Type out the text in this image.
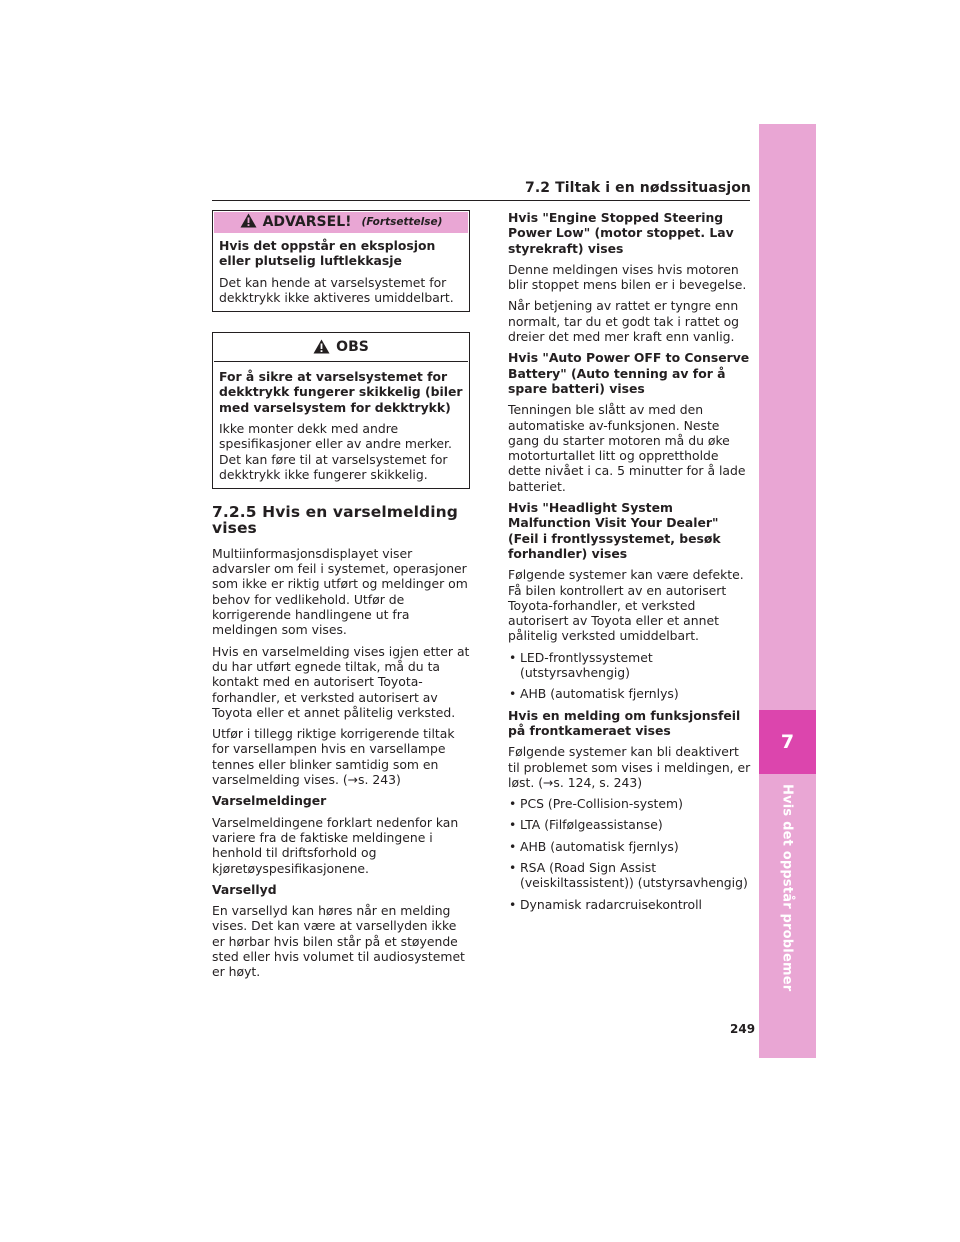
7.2 Tiltak i en nødssituasjon
7
Hvis det oppstår problemer
249
ADVARSEL! (Fortsettelse)

Hvis det oppstår en eksplosjon eller plutselig luftlekkasje

Det kan hende at varselsystemet for dekktrykk ikke aktiveres umiddelbart.

OBS

For å sikre at varselsystemet for dekktrykk fungerer skikkelig (biler med varselsystem for dekktrykk)

Ikke monter dekk med andre spesifikasjoner eller av andre merker. Det kan føre til at varselsystemet for dekktrykk ikke fungerer skikkelig.

7.2.5 Hvis en varselmelding vises

Multiinformasjonsdisplayet viser advarsler om feil i systemet, operasjoner som ikke er riktig utført og meldinger om behov for vedlikehold. Utfør de korrigerende handlingene ut fra meldingen som vises.

Hvis en varselmelding vises igjen etter at du har utført egnede tiltak, må du ta kontakt med en autorisert Toyota-forhandler, et verksted autorisert av Toyota eller et annet pålitelig verksted.

Utfør i tillegg riktige korrigerende tiltak for varsellampen hvis en varsellampe tennes eller blinker samtidig som en varselmelding vises. (→s. 243)

Varselmeldinger

Varselmeldingene forklart nedenfor kan variere fra de faktiske meldingene i henhold til driftsforhold og kjøretøyspesifikasjonene.

Varsellyd

En varsellyd kan høres når en melding vises. Det kan være at varsellyden ikke er hørbar hvis bilen står på et støyende sted eller hvis volumet til audiosystemet er høyt.

Hvis "Engine Stopped Steering Power Low" (motor stoppet. Lav styrekraft) vises

Denne meldingen vises hvis motoren blir stoppet mens bilen er i bevegelse.

Når betjening av rattet er tyngre enn normalt, tar du et godt tak i rattet og dreier det med mer kraft enn vanlig.

Hvis "Auto Power OFF to Conserve Battery" (Auto tenning av for å spare batteri) vises

Tenningen ble slått av med den automatiske av-funksjonen. Neste gang du starter motoren må du øke motorturtallet litt og opprettholde dette nivået i ca. 5 minutter for å lade batteriet.

Hvis "Headlight System Malfunction Visit Your Dealer" (Feil i frontlyssystemet, besøk forhandler) vises

Følgende systemer kan være defekte. Få bilen kontrollert av en autorisert Toyota-forhandler, et verksted autorisert av Toyota eller et annet pålitelig verksted umiddelbart.

• LED-frontlyssystemet (utstyrsavhengig)
• AHB (automatisk fjernlys)

Hvis en melding om funksjonsfeil på frontkameraet vises

Følgende systemer kan bli deaktivert til problemet som vises i meldingen, er løst. (→s. 124, s. 243)

• PCS (Pre-Collision-system)
• LTA (Filfølgeassistanse)
• AHB (automatisk fjernlys)
• RSA (Road Sign Assist (veiskiltassistent)) (utstyrsavhengig)
• Dynamisk radarcruisekontroll
